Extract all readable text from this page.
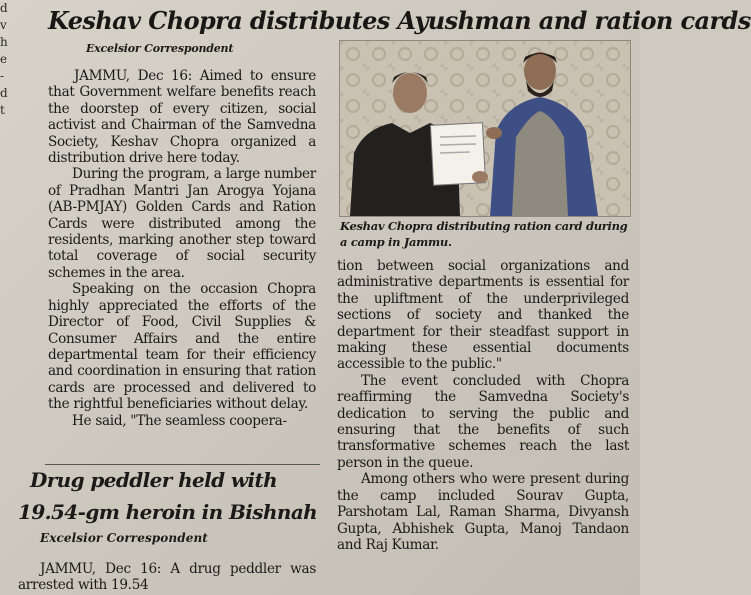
d
v
h
e
-
d
t
Keshav Chopra distributes Ayushman and ration cards
Excelsior Correspondent

JAMMU, Dec 16: Aimed to ensure that Government welfare benefits reach the doorstep of every citizen, social activist and Chairman of the Samvedna Society, Keshav Chopra organized a distribution drive here today.

During the program, a large number of Pradhan Mantri Jan Arogya Yojana (AB-PMJAY) Golden Cards and Ration Cards were distributed among the residents, marking another step toward total coverage of social security schemes in the area.

Speaking on the occasion Chopra highly appreciated the efforts of the Director of Food, Civil Supplies & Consumer Affairs and the entire departmental team for their efficiency and coordination in ensuring that ration cards are processed and delivered to the rightful beneficiaries without delay.

He said, "The seamless coopera-

Keshav Chopra distributing ration card during a camp in Jammu.

tion between social organizations and administrative departments is essential for the upliftment of the underprivileged sections of society and thanked the department for their steadfast support in making these essential documents accessible to the public."

The event concluded with Chopra reaffirming the Samvedna Society's dedication to serving the public and ensuring that the benefits of such transformative schemes reach the last person in the queue.

Among others who were present during the camp included Sourav Gupta, Parshotam Lal, Raman Sharma, Divyansh Gupta, Abhishek Gupta, Manoj Tandaon and Raj Kumar.

Drug peddler held with
19.54-gm heroin in Bishnah
Excelsior Correspondent

JAMMU, Dec 16: A drug peddler was arrested with 19.54
